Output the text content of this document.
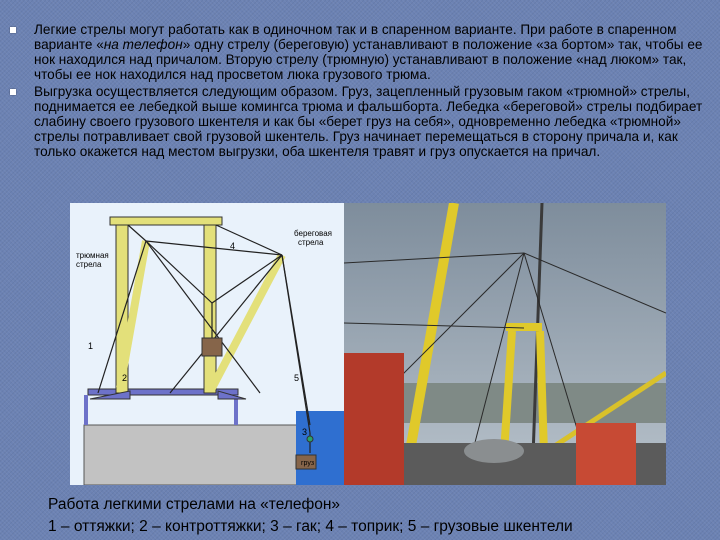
Легкие стрелы могут работать как в одиночном так и в спаренном варианте. При работе в спаренном варианте «на телефон» одну стрелу (береговую) устанавливают в положение «за бортом» так, чтобы ее нок находился над причалом. Вторую стрелу (трюмную) устанавливают в положение «над люком» так, чтобы ее нок находился над просветом люка грузового трюма.
Выгрузка осуществляется следующим образом. Груз, зацепленный грузовым гаком «трюмной» стрелы, поднимается ее лебедкой выше комингса трюма и фальшборта. Лебедка «береговой» стрелы подбирает слабину своего грузового шкентеля и как бы «берет груз на себя», одновременно лебедка «трюмной» стрелы потравливает свой грузовой шкентель. Груз начинает перемещаться в сторону причала и, как только окажется над местом выгрузки, оба шкентеля травят и груз опускается на причал.
трюмная
стрела
береговая
стрела
груз
1
2
3
4
5
Работа легкими стрелами на «телефон»
1 – оттяжки; 2 – контроттяжки; 3 – гак; 4 – топрик; 5 – грузовые шкентели
